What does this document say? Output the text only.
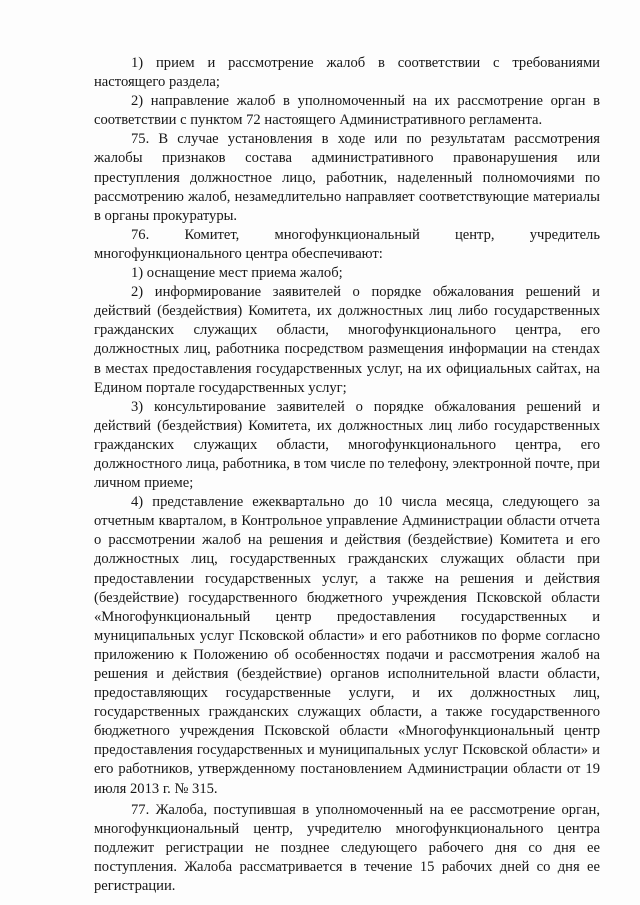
1) прием и рассмотрение жалоб в соответствии с требованиями настоящего раздела;

2) направление жалоб в уполномоченный на их рассмотрение орган в соответствии с пунктом 72 настоящего Административного регламента.

75. В случае установления в ходе или по результатам рассмотрения жалобы признаков состава административного правонарушения или преступления должностное лицо, работник, наделенный полномочиями по рассмотрению жалоб, незамедлительно направляет соответствующие материалы в органы прокуратуры.

76. Комитет, многофункциональный центр, учредитель многофункционального центра обеспечивают:

1) оснащение мест приема жалоб;

2) информирование заявителей о порядке обжалования решений и действий (бездействия) Комитета, их должностных лиц либо государственных гражданских служащих области, многофункционального центра, его должностных лиц, работника посредством размещения информации на стендах в местах предоставления государственных услуг, на их официальных сайтах, на Едином портале государственных услуг;

3) консультирование заявителей о порядке обжалования решений и действий (бездействия) Комитета, их должностных лиц либо государственных гражданских служащих области, многофункционального центра, его должностного лица, работника, в том числе по телефону, электронной почте, при личном приеме;

4) представление ежеквартально до 10 числа месяца, следующего за отчетным кварталом, в Контрольное управление Администрации области отчета о рассмотрении жалоб на решения и действия (бездействие) Комитета и его должностных лиц, государственных гражданских служащих области при предоставлении государственных услуг, а также на решения и действия (бездействие) государственного бюджетного учреждения Псковской области «Многофункциональный центр предоставления государственных и муниципальных услуг Псковской области» и его работников по форме согласно приложению к Положению об особенностях подачи и рассмотрения жалоб на решения и действия (бездействие) органов исполнительной власти области, предоставляющих государственные услуги, и их должностных лиц, государственных гражданских служащих области, а также государственного бюджетного учреждения Псковской области «Многофункциональный центр предоставления государственных и муниципальных услуг Псковской области» и его работников, утвержденному постановлением Администрации области от 19 июля 2013 г. № 315.

77. Жалоба, поступившая в уполномоченный на ее рассмотрение орган, многофункциональный центр, учредителю многофункционального центра подлежит регистрации не позднее следующего рабочего дня со дня ее поступления. Жалоба рассматривается в течение 15 рабочих дней со дня ее регистрации.
